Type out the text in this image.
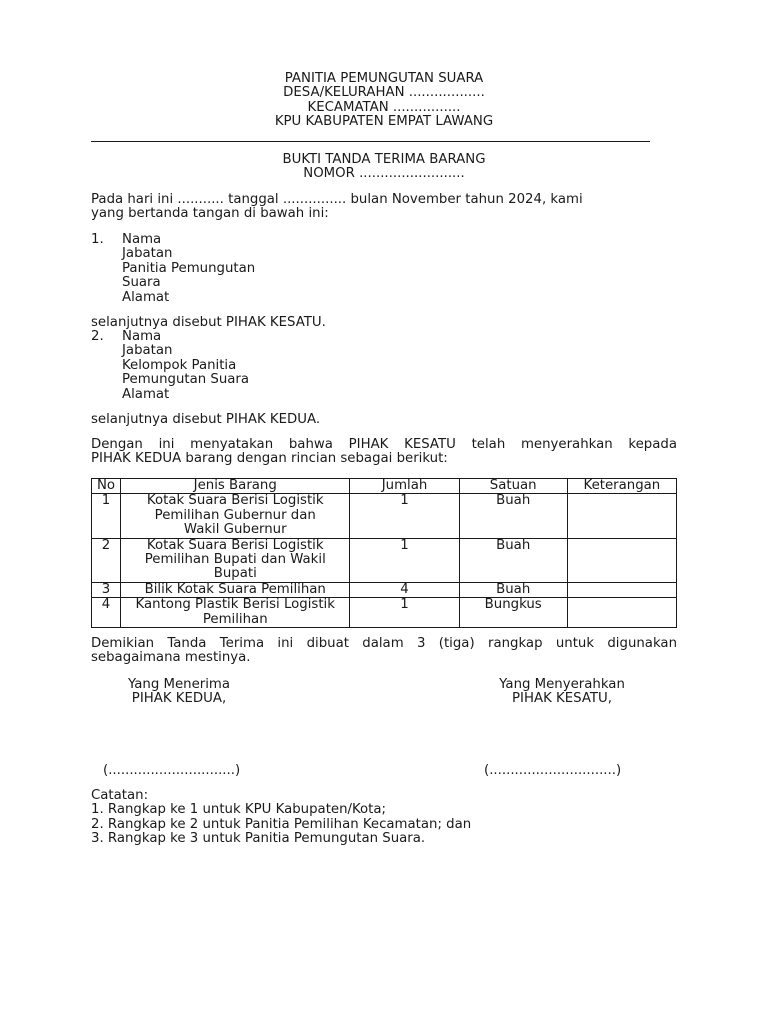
PANITIA PEMUNGUTAN SUARA
DESA/KELURAHAN ..................
KECAMATAN ................
KPU KABUPATEN EMPAT LAWANG
BUKTI TANDA TERIMA BARANG
NOMOR .........................
Pada hari ini ........... tanggal ............... bulan November tahun 2024, kami
yang bertanda tangan di bawah ini:
1. Nama
Jabatan
Panitia Pemungutan
Suara
Alamat
selanjutnya disebut PIHAK KESATU.
2. Nama
Jabatan
Kelompok Panitia
Pemungutan Suara
Alamat
selanjutnya disebut PIHAK KEDUA.
Dengan ini menyatakan bahwa PIHAK KESATU telah menyerahkan kepada
PIHAK KEDUA barang dengan rincian sebagai berikut:
No	Jenis Barang	Jumlah	Satuan	Keterangan
1	Kotak Suara Berisi Logistik
Pemilihan Gubernur dan
Wakil Gubernur	1	Buah	
2	Kotak Suara Berisi Logistik
Pemilihan Bupati dan Wakil
Bupati	1	Buah	
3	Bilik Kotak Suara Pemilihan	4	Buah	
4	Kantong Plastik Berisi Logistik
Pemilihan	1	Bungkus	
Demikian Tanda Terima ini dibuat dalam 3 (tiga) rangkap untuk digunakan
sebagaimana mestinya.
Yang Menerima
PIHAK KEDUA,
Yang Menyerahkan
PIHAK KESATU,
(..............................)	(..............................)
Catatan:
1. Rangkap ke 1 untuk KPU Kabupaten/Kota;
2. Rangkap ke 2 untuk Panitia Pemilihan Kecamatan; dan
3. Rangkap ke 3 untuk Panitia Pemungutan Suara.
